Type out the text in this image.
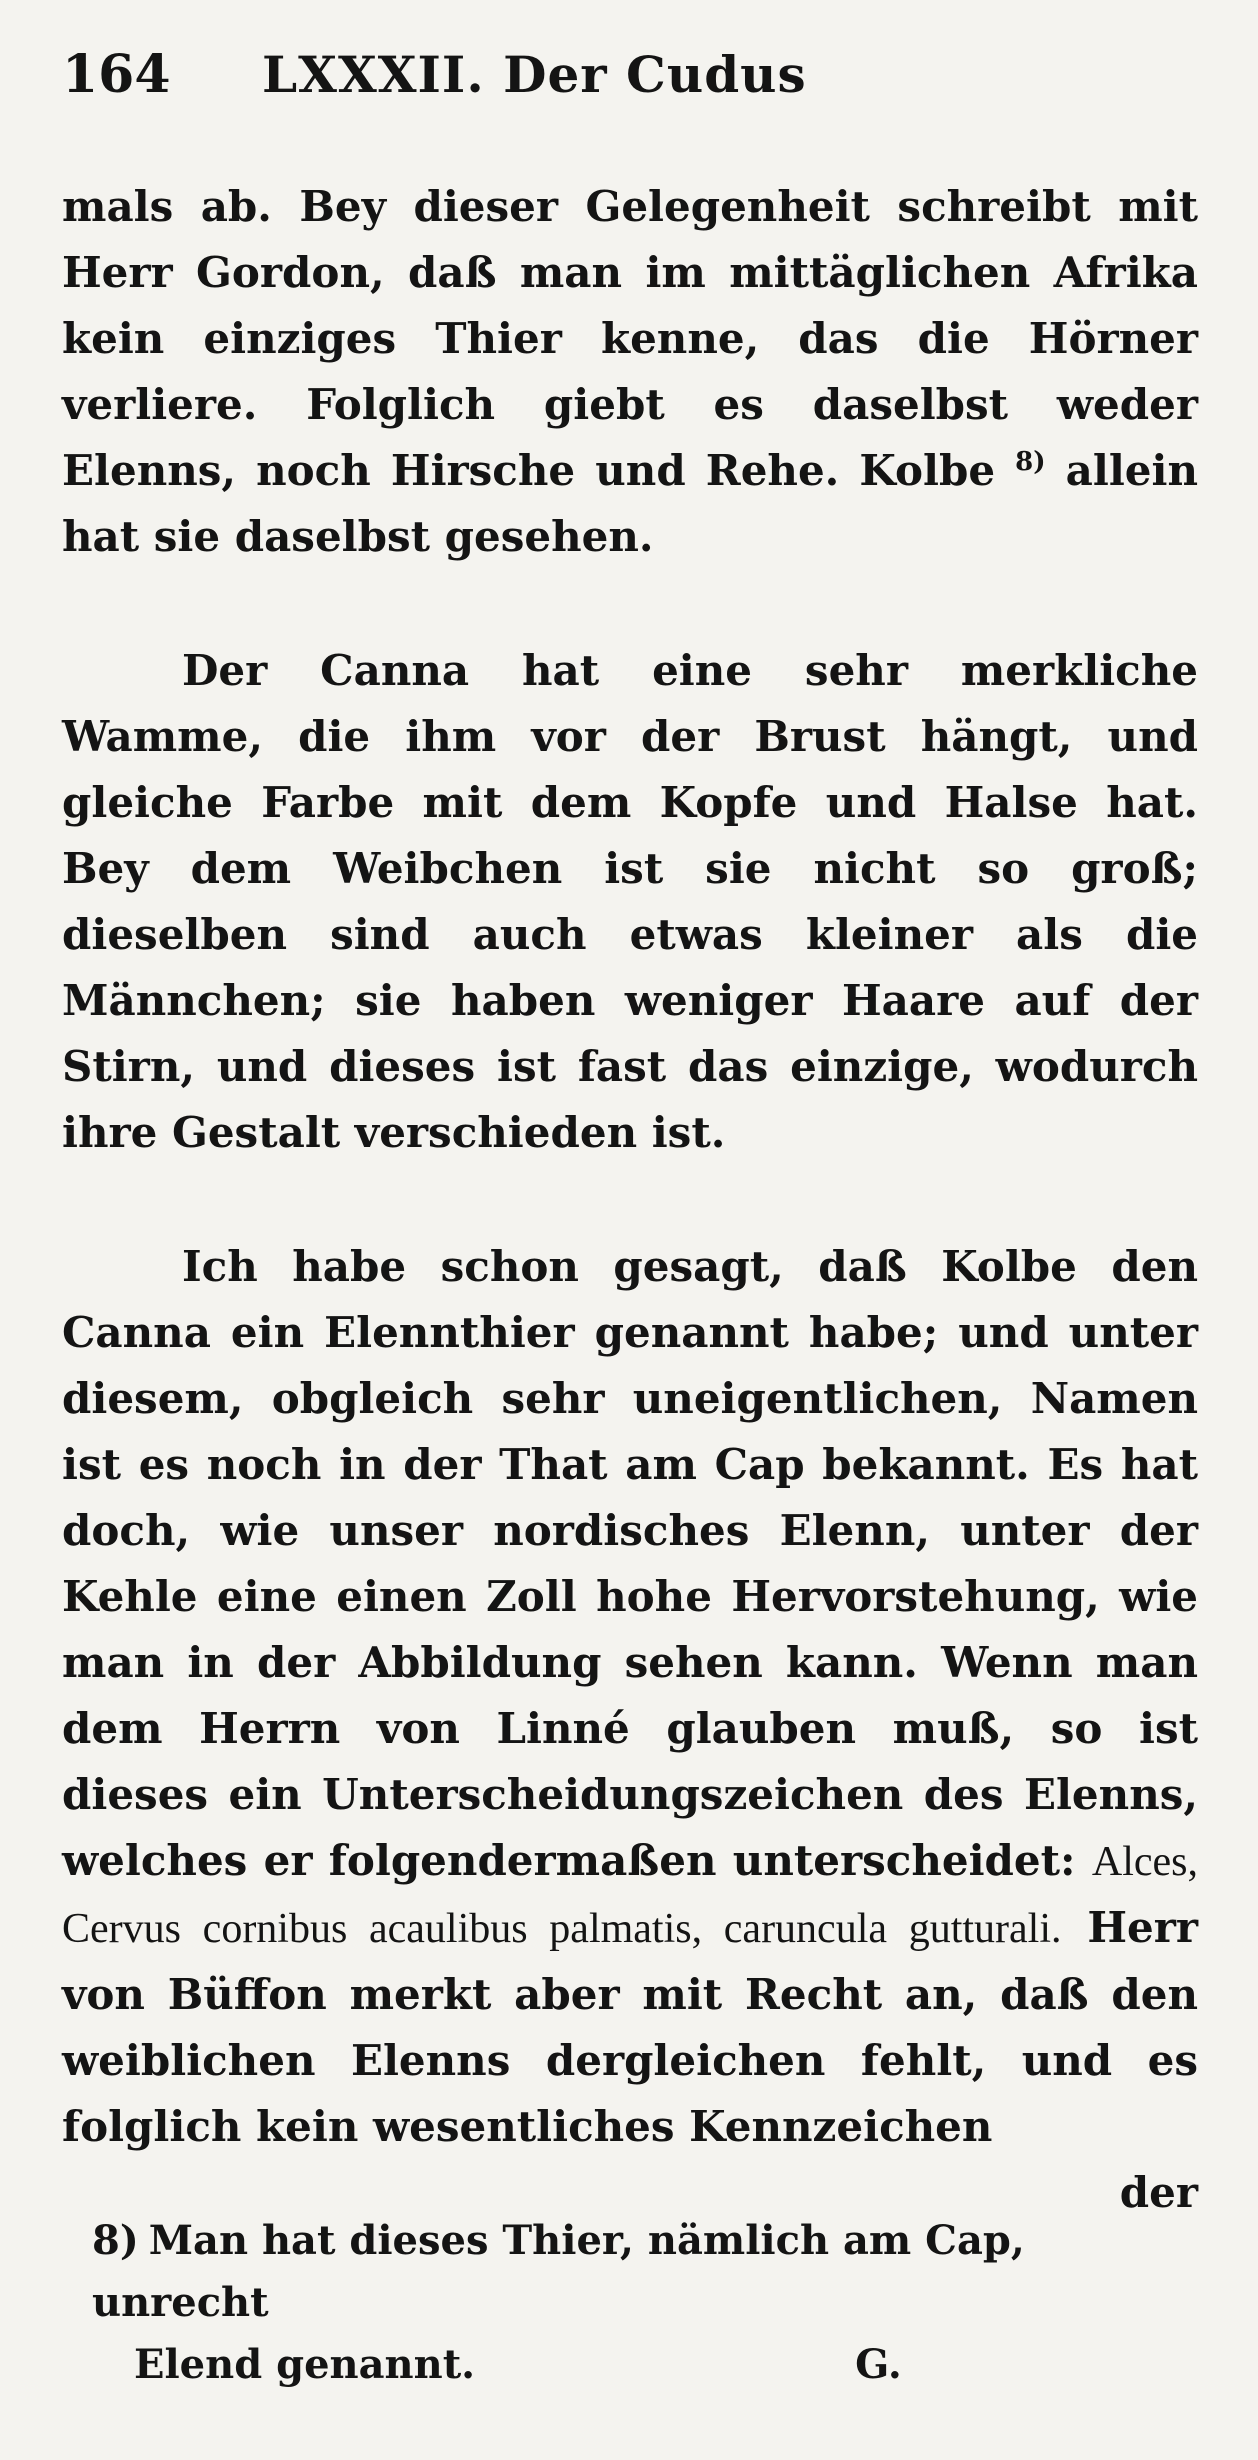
164	LXXXII. Der Cudus

mals ab. Bey dieser Gelegenheit schreibt mit Herr Gordon, daß man im mittäglichen Afrika kein einziges Thier kenne, das die Hörner verliere. Folglich giebt es daselbst weder Elenns, noch Hirsche und Rehe. Kolbe $^{8)}$ allein hat sie daselbst gesehen.

Der Canna hat eine sehr merkliche Wamme, die ihm vor der Brust hängt, und gleiche Farbe mit dem Kopfe und Halse hat. Bey dem Weibchen ist sie nicht so groß; dieselben sind auch etwas kleiner als die Männchen; sie haben weniger Haare auf der Stirn, und dieses ist fast das einzige, wodurch ihre Gestalt verschieden ist.

Ich habe schon gesagt, daß Kolbe den Canna ein Elennthier genannt habe; und unter diesem, obgleich sehr uneigentlichen, Namen ist es noch in der That am Cap bekannt. Es hat doch, wie unser nordisches Elenn, unter der Kehle eine einen Zoll hohe Hervorstehung, wie man in der Abbildung sehen kann. Wenn man dem Herrn von Linné glauben muß, so ist dieses ein Unterscheidungszeichen des Elenns, welches er folgendermaßen unterscheidet: Alces, Cervus cornibus acaulibus palmatis, caruncula gutturali. Herr von Büffon merkt aber mit Recht an, daß den weiblichen Elenns dergleichen fehlt, und es folglich kein wesentliches Kennzeichen

der
8) Man hat dieses Thier, nämlich am Cap, unrecht
Elend genannt.	G.
